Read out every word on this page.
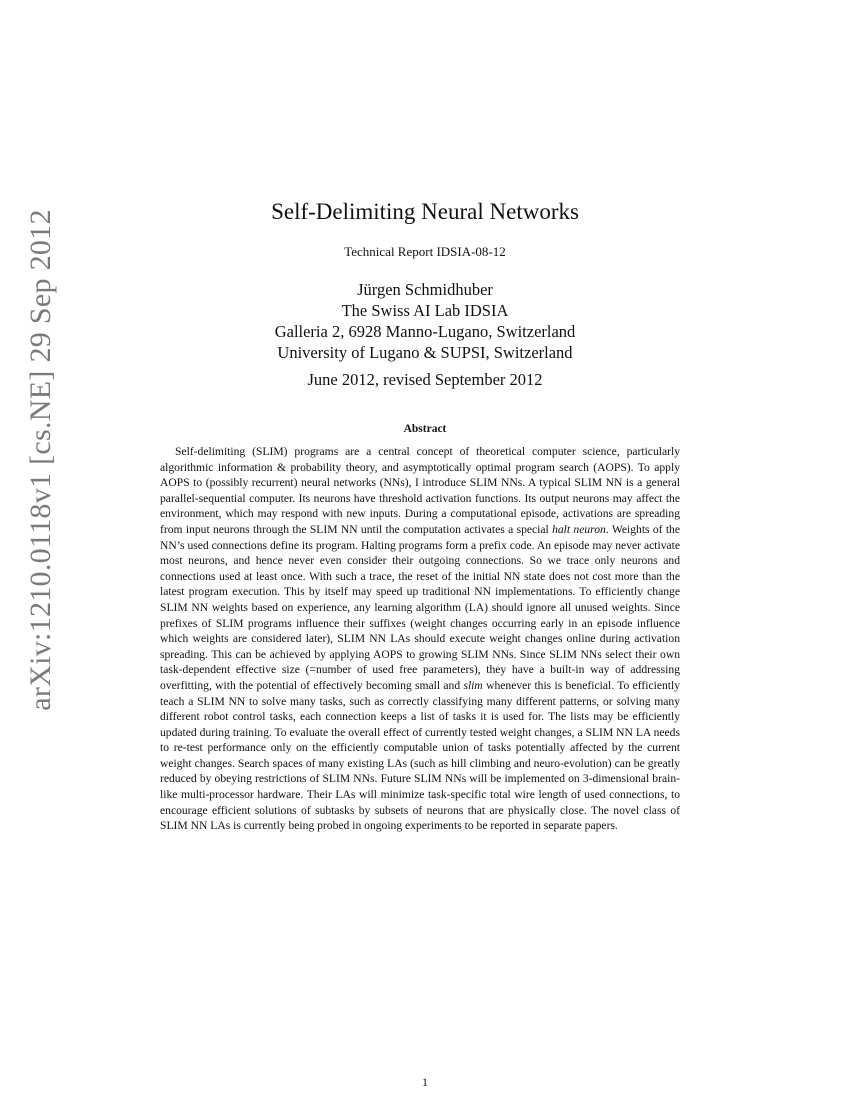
arXiv:1210.0118v1 [cs.NE] 29 Sep 2012	Self-Delimiting Neural Networks
Technical Report IDSIA-08-12
Jürgen Schmidhuber
The Swiss AI Lab IDSIA
Galleria 2, 6928 Manno-Lugano, Switzerland
University of Lugano & SUPSI, Switzerland
June 2012, revised September 2012
Abstract

Self-delimiting (SLIM) programs are a central concept of theoretical computer science, particularly algorithmic information & probability theory, and asymptotically optimal program search (AOPS). To apply AOPS to (possibly recurrent) neural networks (NNs), I introduce SLIM NNs. A typical SLIM NN is a general parallel-sequential computer. Its neurons have threshold activation functions. Its output neurons may affect the environment, which may respond with new inputs. During a computational episode, activations are spreading from input neurons through the SLIM NN until the computation activates a special halt neuron. Weights of the NN’s used connections define its program. Halting programs form a prefix code. An episode may never activate most neurons, and hence never even consider their outgoing connections. So we trace only neurons and connections used at least once. With such a trace, the reset of the initial NN state does not cost more than the latest program execution. This by itself may speed up traditional NN implementations. To efficiently change SLIM NN weights based on experience, any learning algorithm (LA) should ignore all unused weights. Since prefixes of SLIM programs influence their suffixes (weight changes occurring early in an episode influence which weights are considered later), SLIM NN LAs should execute weight changes online during activation spreading. This can be achieved by applying AOPS to growing SLIM NNs. Since SLIM NNs select their own task-dependent effective size (=number of used free parameters), they have a built-in way of addressing overfitting, with the potential of effectively becoming small and slim whenever this is beneficial. To efficiently teach a SLIM NN to solve many tasks, such as correctly classifying many different patterns, or solving many different robot control tasks, each connection keeps a list of tasks it is used for. The lists may be efficiently updated during training. To evaluate the overall effect of currently tested weight changes, a SLIM NN LA needs to re-test performance only on the efficiently computable union of tasks potentially affected by the current weight changes. Search spaces of many existing LAs (such as hill climbing and neuro-evolution) can be greatly reduced by obeying restrictions of SLIM NNs. Future SLIM NNs will be implemented on 3-dimensional brain-like multi-processor hardware. Their LAs will minimize task-specific total wire length of used connections, to encourage efficient solutions of subtasks by subsets of neurons that are physically close. The novel class of SLIM NN LAs is currently being probed in ongoing experiments to be reported in separate papers.

1
